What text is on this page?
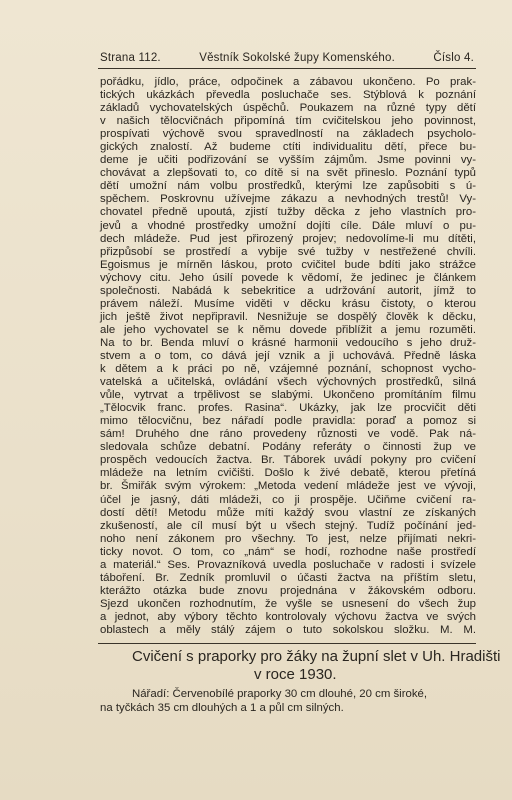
Strana 112.	Věstník Sokolské župy Komenského.	Číslo 4.
pořádku, jídlo, práce, odpočinek a zábavou ukončeno. Po prak-
tických ukázkách převedla posluchače ses. Stýblová k poznání
základů vychovatelských úspěchů. Poukazem na různé typy dětí
v našich tělocvičnách připomíná tím cvičitelskou jeho povinnost,
prospívati výchově svou spravedlností na základech psycholo-
gických znalostí. Až budeme ctíti individualitu dětí, přece bu-
deme je učiti podřizování se vyšším zájmům. Jsme povinni vy-
chovávat a zlepšovati to, co dítě si na svět přineslo. Poznání typů
dětí umožní nám volbu prostředků, kterými lze zapůsobiti s ú-
spěchem. Poskrovnu užívejme zákazu a nevhodných trestů! Vy-
chovatel předně upoutá, zjistí tužby děcka z jeho vlastních pro-
jevů a vhodné prostředky umožní dojíti cíle. Dále mluví o pu-
dech mládeže. Pud jest přirozený projev; nedovolíme-li mu dítěti,
přizpůsobí se prostředí a vybije své tužby v nestřežené chvíli.
Egoismus je mírněn láskou, proto cvičitel bude bdíti jako strážce
výchovy citu. Jeho úsilí povede k vědomí, že jedinec je článkem
společnosti. Nabádá k sebekritice a udržování autorit, jímž to
právem náleží. Musíme viděti v děcku krásu čistoty, o kterou
jich ještě život nepřipravil. Nesnižuje se dospělý člověk k děcku,
ale jeho vychovatel se k němu dovede přiblížit a jemu rozuměti.
Na to br. Benda mluví o krásné harmonii vedoucího s jeho druž-
stvem a o tom, co dává její vznik a ji uchovává. Předně láska
k dětem a k práci po ně, vzájemné poznání, schopnost vycho-
vatelská a učitelská, ovládání všech výchovných prostředků, silná
vůle, vytrvat a trpělivost se slabými. Ukončeno promítáním filmu
„Tělocvik franc. profes. Rasina“. Ukázky, jak lze procvičit děti
mimo tělocvičnu, bez nářadí podle pravidla: poraď a pomoz si
sám! Druhého dne ráno provedeny různosti ve vodě. Pak ná-
sledovala schůze debatní. Podány referáty o činnosti žup ve
prospěch vedoucích žactva. Br. Táborek uvádí pokyny pro cvičení
mládeže na letním cvičišti. Došlo k živé debatě, kterou přetíná
br. Šmiřák svým výrokem: „Metoda vedení mládeže jest ve vývoji,
účel je jasný, dáti mládeži, co ji prospěje. Učiňme cvičení ra-
dostí dětí! Metodu může míti každý svou vlastní ze získaných
zkušeností, ale cíl musí být u všech stejný. Tudíž počínání jed-
noho není zákonem pro všechny. To jest, nelze přijímati nekri-
ticky novot. O tom, co „nám“ se hodí, rozhodne naše prostředí
a materiál.“ Ses. Provazníková uvedla posluchače v radosti i svízele
táboření. Br. Zedník promluvil o účasti žactva na příštím sletu,
kterážto otázka bude znovu projednána v žákovském odboru.
Sjezd ukončen rozhodnutím, že vyšle se usnesení do všech žup
a jednot, aby výbory těchto kontrolovaly výchovu žactva ve svých
oblastech a měly stálý zájem o tuto sokolskou složku. M. M.
Cvičení s praporky pro žáky na župní slet v Uh. Hradišti
v roce 1930.
Nářadí: Červenobílé praporky 30 cm dlouhé, 20 cm široké,
na tyčkách 35 cm dlouhých a 1 a půl cm silných.
